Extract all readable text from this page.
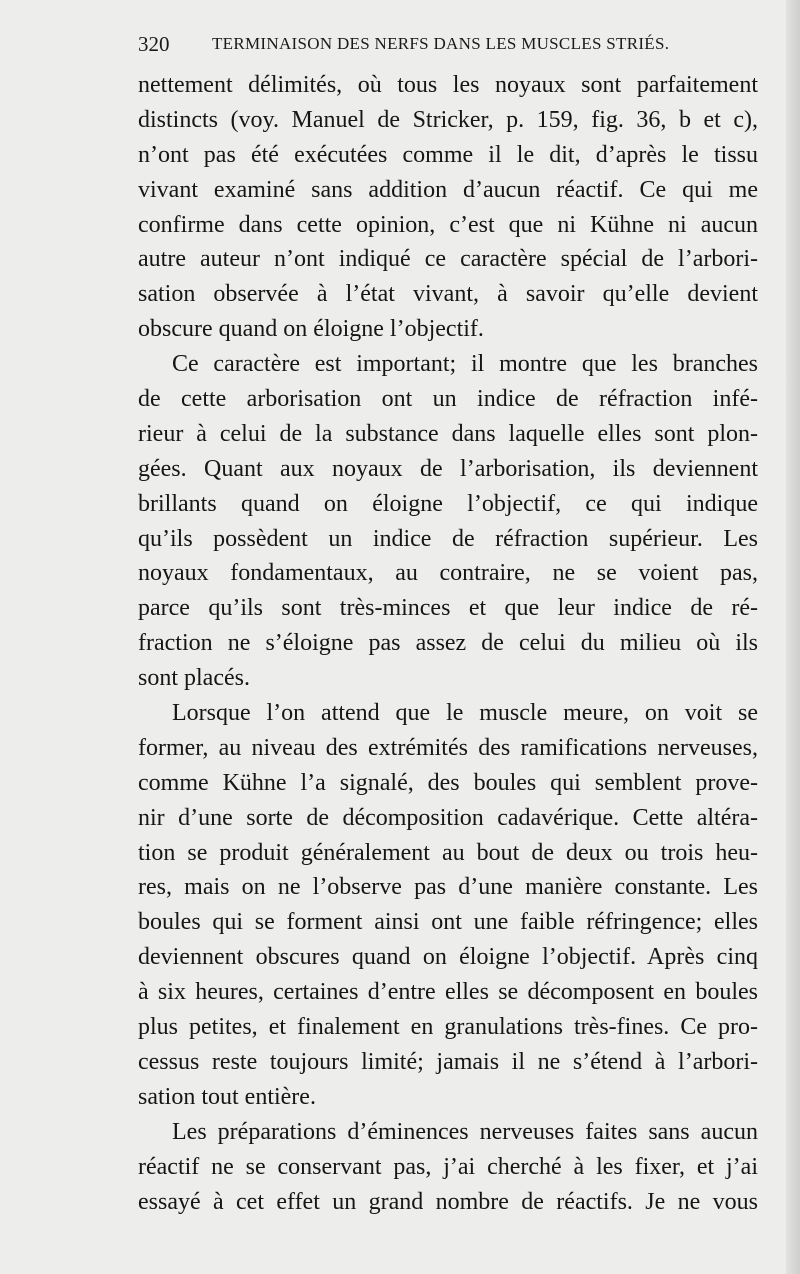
320	TERMINAISON DES NERFS DANS LES MUSCLES STRIÉS.
nettement délimités, où tous les noyaux sont parfaitement
distincts (voy. Manuel de Stricker, p. 159, fig. 36, b et c),
n’ont pas été exécutées comme il le dit, d’après le tissu
vivant examiné sans addition d’aucun réactif. Ce qui me
confirme dans cette opinion, c’est que ni Kühne ni aucun
autre auteur n’ont indiqué ce caractère spécial de l’arbori-
sation observée à l’état vivant, à savoir qu’elle devient
obscure quand on éloigne l’objectif.
Ce caractère est important; il montre que les branches
de cette arborisation ont un indice de réfraction infé-
rieur à celui de la substance dans laquelle elles sont plon-
gées. Quant aux noyaux de l’arborisation, ils deviennent
brillants quand on éloigne l’objectif, ce qui indique
qu’ils possèdent un indice de réfraction supérieur. Les
noyaux fondamentaux, au contraire, ne se voient pas,
parce qu’ils sont très-minces et que leur indice de ré-
fraction ne s’éloigne pas assez de celui du milieu où ils
sont placés.
Lorsque l’on attend que le muscle meure, on voit se
former, au niveau des extrémités des ramifications nerveuses,
comme Kühne l’a signalé, des boules qui semblent prove-
nir d’une sorte de décomposition cadavérique. Cette altéra-
tion se produit généralement au bout de deux ou trois heu-
res, mais on ne l’observe pas d’une manière constante. Les
boules qui se forment ainsi ont une faible réfringence; elles
deviennent obscures quand on éloigne l’objectif. Après cinq
à six heures, certaines d’entre elles se décomposent en boules
plus petites, et finalement en granulations très-fines. Ce pro-
cessus reste toujours limité; jamais il ne s’étend à l’arbori-
sation tout entière.
Les préparations d’éminences nerveuses faites sans aucun
réactif ne se conservant pas, j’ai cherché à les fixer, et j’ai
essayé à cet effet un grand nombre de réactifs. Je ne vous
